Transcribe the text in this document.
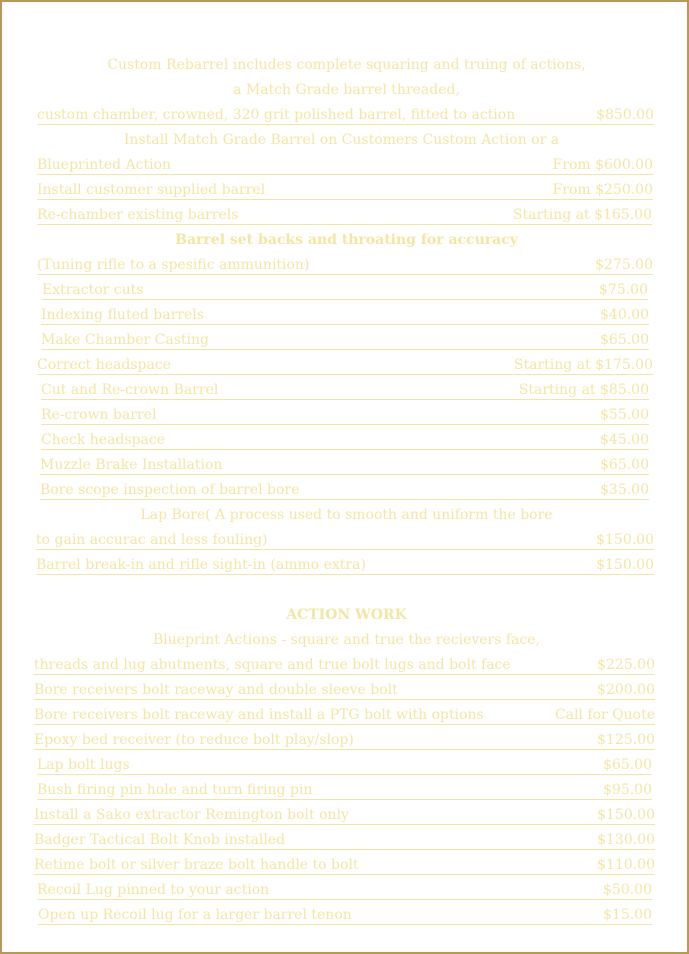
Custom Rebarrel includes complete squaring and truing of actions,
a Match Grade barrel threaded,
custom chamber, crowned, 320 grit polished barrel, fitted to action	$850.00
Install Match Grade Barrel on Customers Custom Action or a
Blueprinted Action	From $600.00
Install customer supplied barrel	From $250.00
Re-chamber existing barrels	Starting at $165.00
Barrel set backs and throating for accuracy
(Tuning rifle to a spesific ammunition)	$275.00
Extractor cuts	$75.00
Indexing fluted barrels	$40.00
Make Chamber Casting	$65.00
Correct headspace	Starting at $175.00
Cut and Re-crown Barrel	Starting at $85.00
Re-crown barrel	$55.00
Check headspace	$45.00
Muzzle Brake Installation	$65.00
Bore scope inspection of barrel bore	$35.00
Lap Bore( A process used to smooth and uniform the bore
to gain accurac and less fouling)	$150.00
Barrel break-in and rifle sight-in (ammo extra)	$150.00
ACTION WORK
Blueprint Actions - square and true the recievers face,
threads and lug abutments, square and true bolt lugs and bolt face	$225.00
Bore receivers bolt raceway and double sleeve bolt	$200.00
Bore receivers bolt raceway and install a PTG bolt with options	Call for Quote
Epoxy bed receiver (to reduce bolt play/slop)	$125.00
Lap bolt lugs	$65.00
Bush firing pin hole and turn firing pin	$95.00
Install a Sako extractor Remington bolt only	$150.00
Badger Tactical Bolt Knob installed	$130.00
Retime bolt or silver braze bolt handle to bolt	$110.00
Recoil Lug pinned to your action	$50.00
Open up Recoil lug for a larger barrel tenon	$15.00
